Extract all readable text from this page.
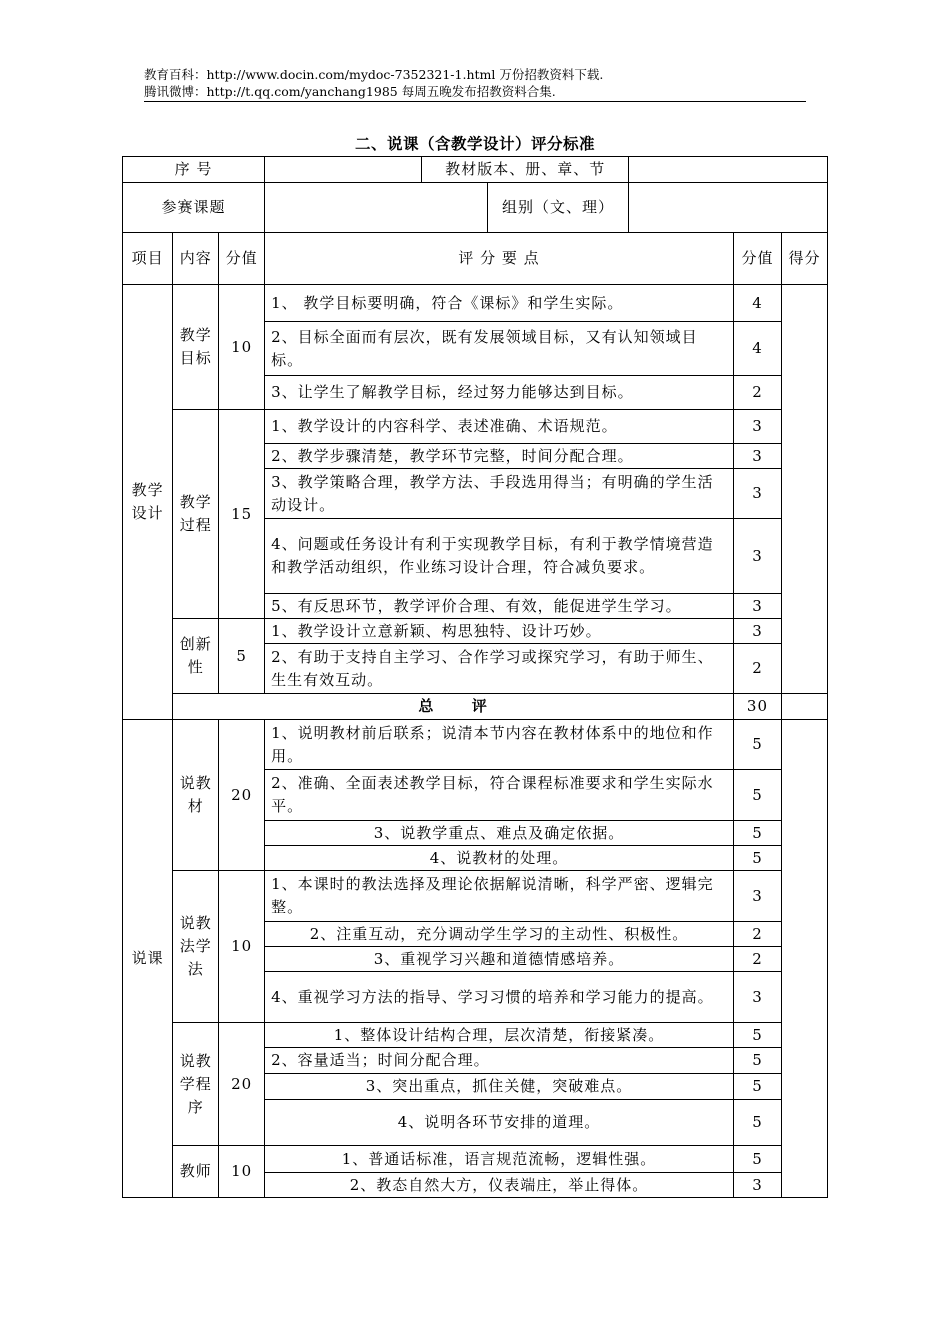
教育百科：http://www.docin.com/mydoc-7352321-1.html 万份招教资料下载.
腾讯微博：http://t.qq.com/yanchang1985 每周五晚发布招教资料合集.
二、说课（含教学设计）评分标准
序 号				教材版本、册、章、节				
参赛课题					组别（文、理）			
项目	内容	分值	评 分 要 点				分值	得分

教学设计	教学目标	10	1、 教学目标要明确，符合《课标》和学生实际。				4	
			2、目标全面而有层次，既有发展领域目标，又有认知领域目标。				4	
			3、让学生了解教学目标，经过努力能够达到目标。				2	

	教学过程	15	1、教学设计的内容科学、表述准确、术语规范。				3	
			2、教学步骤清楚，教学环节完整，时间分配合理。				3	
			3、教学策略合理，教学方法、手段选用得当；有明确的学生活动设计。				3	
			4、问题或任务设计有利于实现教学目标，有利于教学情境营造和教学活动组织，作业练习设计合理，符合减负要求。				3	
			5、有反思环节，教学评价合理、有效，能促进学生学习。				3	

	创新性	5	1、教学设计立意新颖、构思独特、设计巧妙。				3	
			2、有助于支持自主学习、合作学习或探究学习，有助于师生、生生有效互动。				2	
	总      评						30	

说课	说教材	20	1、说明教材前后联系；说清本节内容在教材体系中的地位和作用。				5	
			2、准确、全面表述教学目标，符合课程标准要求和学生实际水平。				5	
			3、说教学重点、难点及确定依据。				5	
			4、说教材的处理。				5	

	说教法学法	10	1、本课时的教法选择及理论依据解说清晰，科学严密、逻辑完整。				3	
			2、注重互动，充分调动学生学习的主动性、积极性。				2	
			3、重视学习兴趣和道德情感培养。				2	
			4、重视学习方法的指导、学习习惯的培养和学习能力的提高。				3	

	说教学程序	20	1、整体设计结构合理，层次清楚，衔接紧凑。				5	
			2、容量适当；时间分配合理。				5	
			3、突出重点，抓住关健，突破难点。				5	
			4、说明各环节安排的道理。				5	

	教师	10	1、普通话标准，语言规范流畅，逻辑性强。				5	
			2、教态自然大方，仪表端庄，举止得体。				3	
